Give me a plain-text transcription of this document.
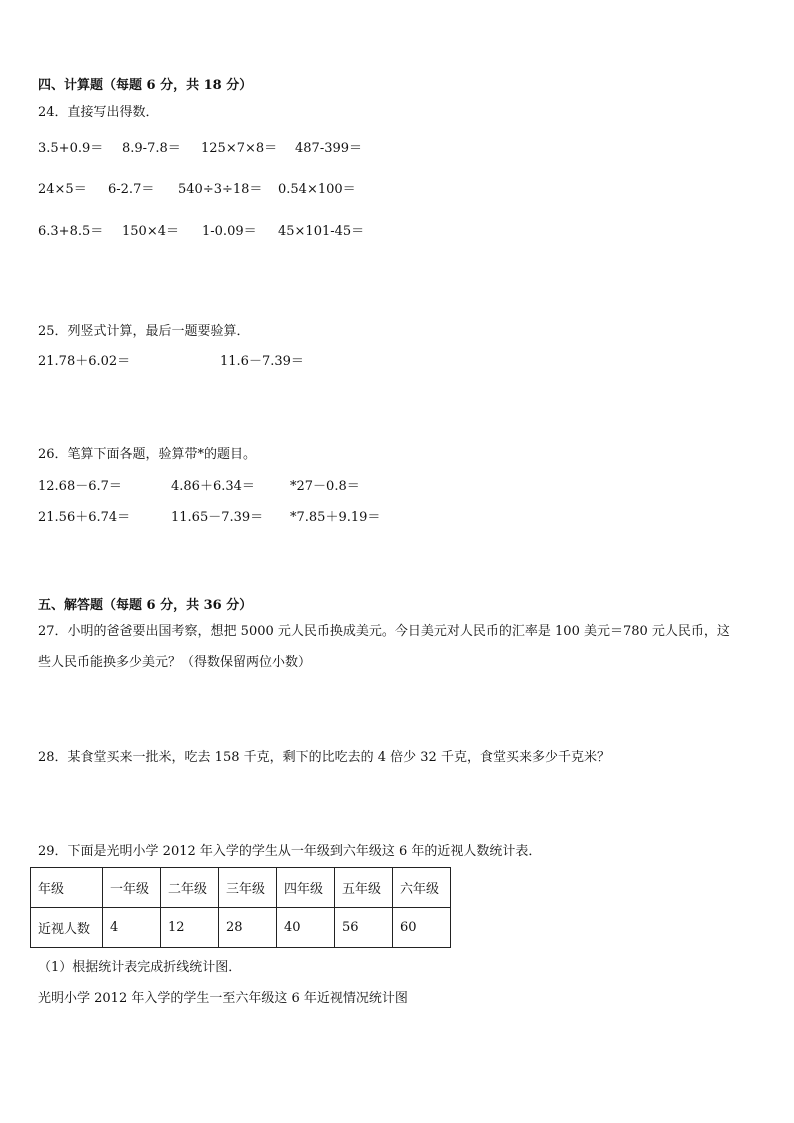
四、计算题（每题 6 分，共 18 分）
24．直接写出得数．
3.5+0.9＝ 8.9-7.8＝ 125×7×8＝ 487-399＝
24×5＝ 6-2.7＝ 540÷3÷18＝ 0.54×100＝
6.3+8.5＝ 150×4＝ 1-0.09＝ 45×101-45＝
25．列竖式计算，最后一题要验算．
21.78＋6.02＝	11.6－7.39＝
26．笔算下面各题，验算带*的题目。
12.68－6.7＝	4.86＋6.34＝	*27－0.8＝
21.56＋6.74＝	11.65－7.39＝ *7.85＋9.19＝
五、解答题（每题 6 分，共 36 分）
27．小明的爸爸要出国考察，想把 5000 元人民币换成美元。今日美元对人民币的汇率是 100 美元＝780 元人民币，这
些人民币能换多少美元？（得数保留两位小数）
28．某食堂买来一批米，吃去 158 千克，剩下的比吃去的 4 倍少 32 千克，食堂买来多少千克米？
29．下面是光明小学 2012 年入学的学生从一年级到六年级这 6 年的近视人数统计表．
年级	一年级	二年级	三年级	四年级	五年级	六年级
近视人数	4	12	28	40	56	60
（1）根据统计表完成折线统计图．
光明小学 2012 年入学的学生一至六年级这 6 年近视情况统计图
